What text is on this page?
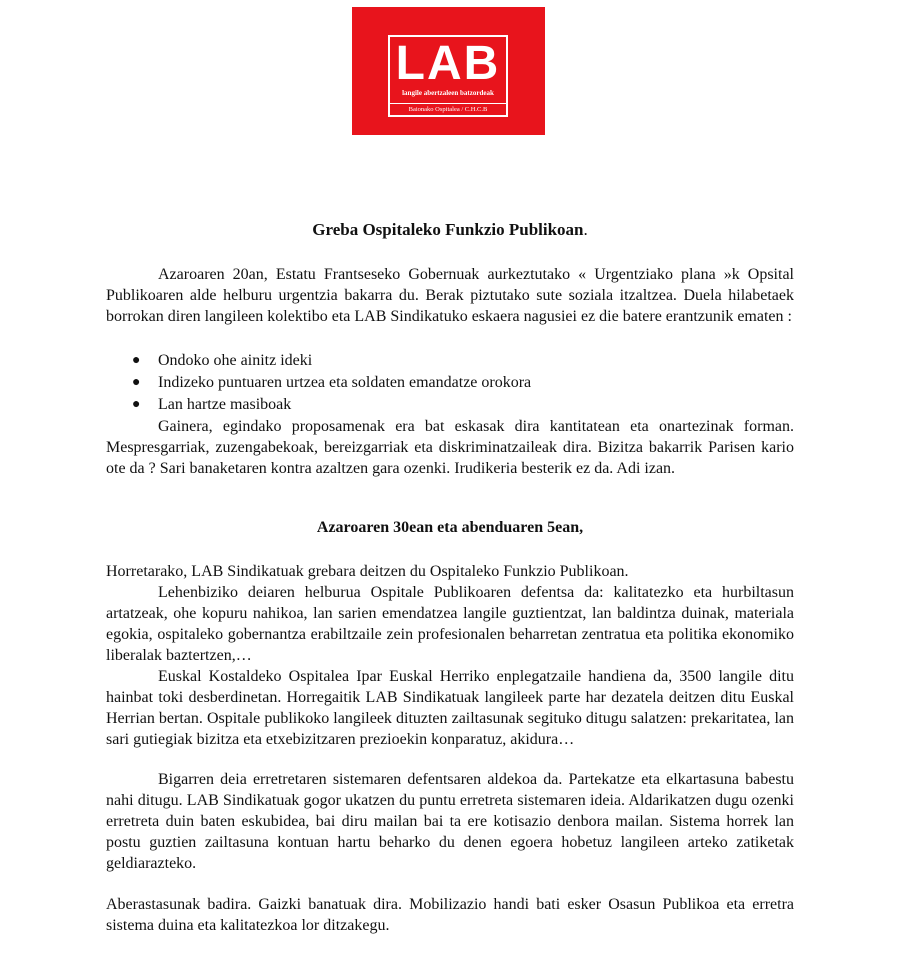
LAB
langile abertzaleen batzordeak
Baionako Ospitalea / C.H.C.B
Greba Ospitaleko Funkzio Publikoan.

Azaroaren 20an, Estatu Frantseseko Gobernuak aurkeztutako « Urgentziako plana »k Opsital Publikoaren alde helburu urgentzia bakarra du. Berak piztutako sute soziala itzaltzea. Duela hilabetaek borrokan diren langileen kolektibo eta LAB Sindikatuko eskaera nagusiei ez die batere erantzunik ematen :

● Ondoko ohe ainitz ideki
● Indizeko puntuaren urtzea eta soldaten emandatze orokora
● Lan hartze masiboak

Gainera, egindako proposamenak era bat eskasak dira kantitatean eta onartezinak forman. Mespresgarriak, zuzengabekoak, bereizgarriak eta diskriminatzaileak dira. Bizitza bakarrik Parisen kario ote da ? Sari banaketaren kontra azaltzen gara ozenki. Irudikeria besterik ez da. Adi izan.

Azaroaren 30ean eta abenduaren 5ean,

Horretarako, LAB Sindikatuak grebara deitzen du Ospitaleko Funkzio Publikoan.

Lehenbiziko deiaren helburua Ospitale Publikoaren defentsa da: kalitatezko eta hurbiltasun artatzeak, ohe kopuru nahikoa, lan sarien emendatzea langile guztientzat, lan baldintza duinak, materiala egokia, ospitaleko gobernantza erabiltzaile zein profesionalen beharretan zentratua eta politika ekonomiko liberalak baztertzen,…

Euskal Kostaldeko Ospitalea Ipar Euskal Herriko enplegatzaile handiena da, 3500 langile ditu hainbat toki desberdinetan. Horregaitik LAB Sindikatuak langileek parte har dezatela deitzen ditu Euskal Herrian bertan. Ospitale publikoko langileek dituzten zailtasunak segituko ditugu salatzen: prekaritatea, lan sari gutiegiak bizitza eta etxebizitzaren prezioekin konparatuz, akidura…

Bigarren deia erretretaren sistemaren defentsaren aldekoa da. Partekatze eta elkartasuna babestu nahi ditugu. LAB Sindikatuak gogor ukatzen du puntu erretreta sistemaren ideia. Aldarikatzen dugu ozenki erretreta duin baten eskubidea, bai diru mailan bai ta ere kotisazio denbora mailan. Sistema horrek lan postu guztien zailtasuna kontuan hartu beharko du denen egoera hobetuz langileen arteko zatiketak geldiarazteko.

Aberastasunak badira. Gaizki banatuak dira. Mobilizazio handi bati esker Osasun Publikoa eta erretra sistema duina eta kalitatezkoa lor ditzakegu.
